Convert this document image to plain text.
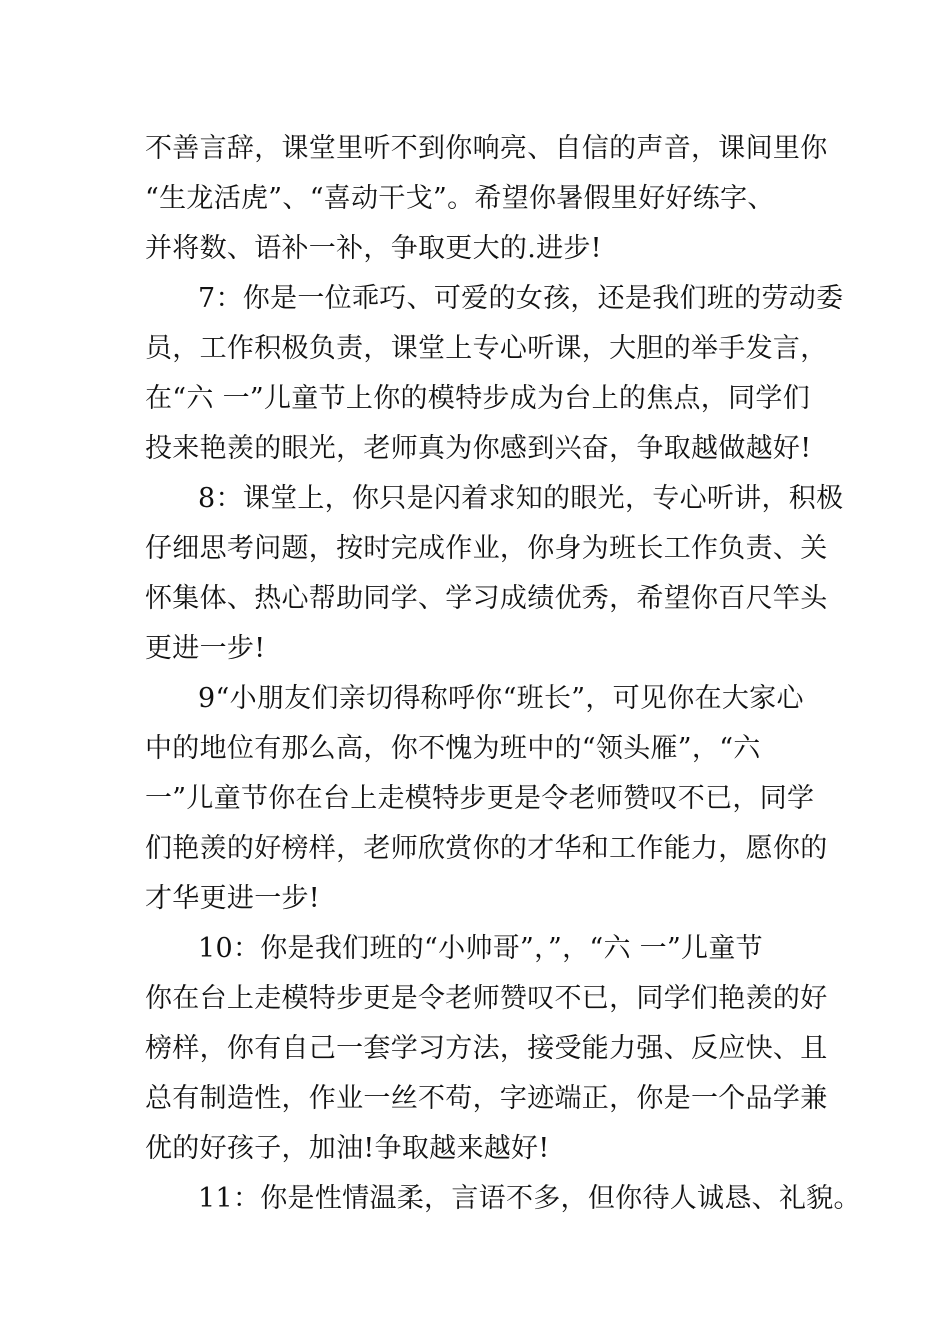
不善言辞，课堂里听不到你响亮、自信的声音，课间里你
“生龙活虎”、“喜动干戈”。希望你暑假里好好练字、
并将数、语补一补，争取更大的.进步!
7：你是一位乖巧、可爱的女孩，还是我们班的劳动委
员，工作积极负责，课堂上专心听课，大胆的举手发言，
在“六 一”儿童节上你的模特步成为台上的焦点，同学们
投来艳羡的眼光，老师真为你感到兴奋，争取越做越好!
8：课堂上，你只是闪着求知的眼光，专心听讲，积极
仔细思考问题，按时完成作业，你身为班长工作负责、关
怀集体、热心帮助同学、学习成绩优秀，希望你百尺竿头
更进一步!
9“小朋友们亲切得称呼你“班长”，可见你在大家心
中的地位有那么高，你不愧为班中的“领头雁”，“六
一”儿童节你在台上走模特步更是令老师赞叹不已，同学
们艳羡的好榜样，老师欣赏你的才华和工作能力，愿你的
才华更进一步!
10：你是我们班的“小帅哥”，”，“六 一”儿童节
你在台上走模特步更是令老师赞叹不已，同学们艳羡的好
榜样，你有自己一套学习方法，接受能力强、反应快、且
总有制造性，作业一丝不苟，字迹端正，你是一个品学兼
优的好孩子，加油!争取越来越好!
11：你是性情温柔，言语不多，但你待人诚恳、礼貌。
